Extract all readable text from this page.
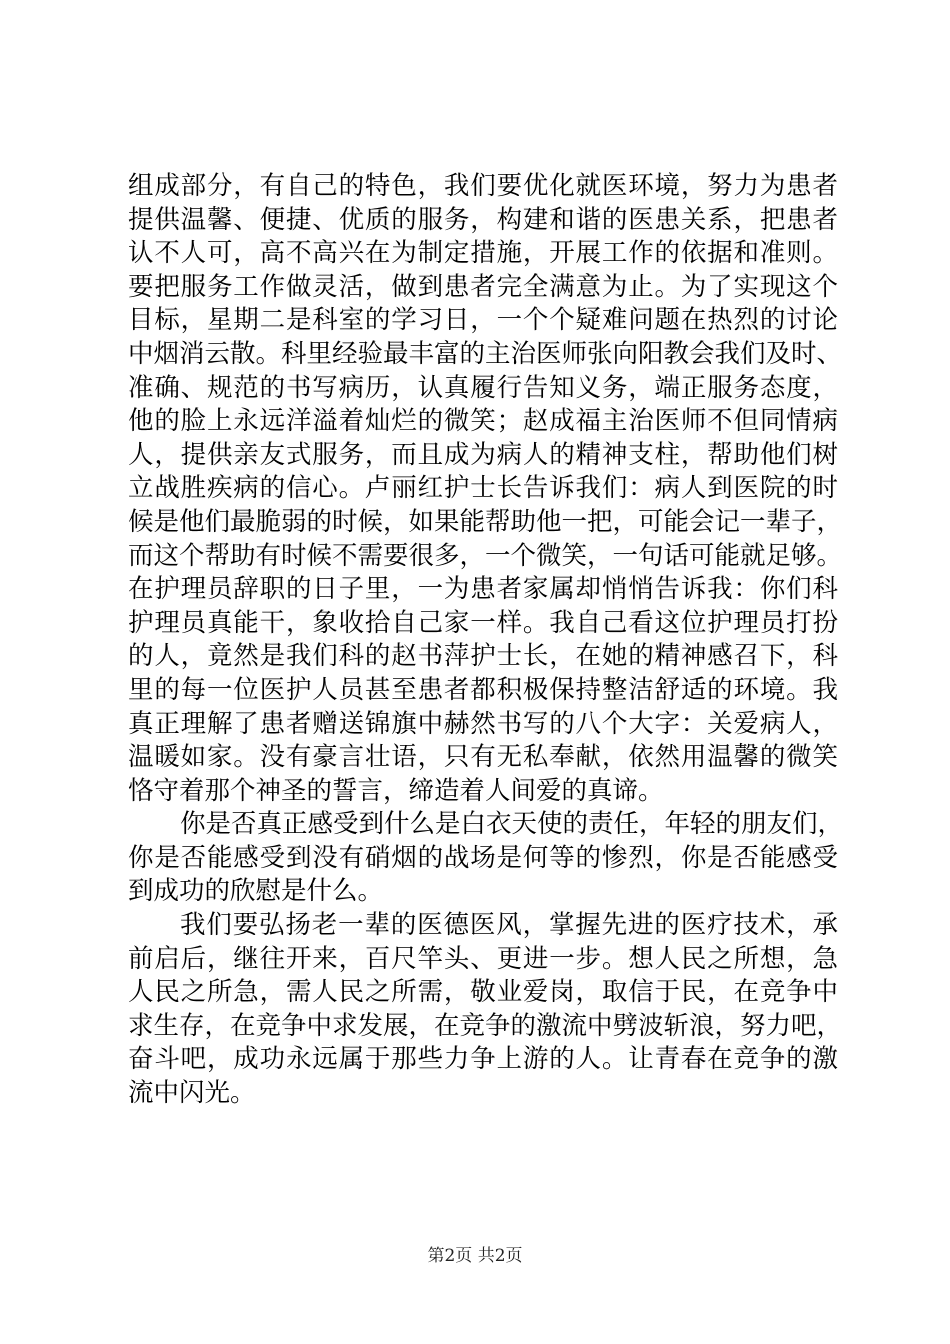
组成部分，有自己的特色，我们要优化就医环境，努力为患者
提供温馨、便捷、优质的服务，构建和谐的医患关系，把患者
认不人可，高不高兴在为制定措施，开展工作的依据和准则。
要把服务工作做灵活，做到患者完全满意为止。为了实现这个
目标，星期二是科室的学习日，一个个疑难问题在热烈的讨论
中烟消云散。科里经验最丰富的主治医师张向阳教会我们及时、
准确、规范的书写病历，认真履行告知义务，端正服务态度，
他的脸上永远洋溢着灿烂的微笑；赵成福主治医师不但同情病
人，提供亲友式服务，而且成为病人的精神支柱，帮助他们树
立战胜疾病的信心。卢丽红护士长告诉我们：病人到医院的时
候是他们最脆弱的时候，如果能帮助他一把，可能会记一辈子，
而这个帮助有时候不需要很多，一个微笑，一句话可能就足够。
在护理员辞职的日子里，一为患者家属却悄悄告诉我：你们科
护理员真能干，象收拾自己家一样。我自己看这位护理员打扮
的人，竟然是我们科的赵书萍护士长，在她的精神感召下，科
里的每一位医护人员甚至患者都积极保持整洁舒适的环境。我
真正理解了患者赠送锦旗中赫然书写的八个大字：关爱病人，
温暖如家。没有豪言壮语，只有无私奉献，依然用温馨的微笑
恪守着那个神圣的誓言，缔造着人间爱的真谛。
你是否真正感受到什么是白衣天使的责任，年轻的朋友们，
你是否能感受到没有硝烟的战场是何等的惨烈，你是否能感受
到成功的欣慰是什么。
我们要弘扬老一辈的医德医风，掌握先进的医疗技术，承
前启后，继往开来，百尺竿头、更进一步。想人民之所想，急
人民之所急，需人民之所需，敬业爱岗，取信于民，在竞争中
求生存，在竞争中求发展，在竞争的激流中劈波斩浪，努力吧，
奋斗吧，成功永远属于那些力争上游的人。让青春在竞争的激
流中闪光。
第2页 共2页
